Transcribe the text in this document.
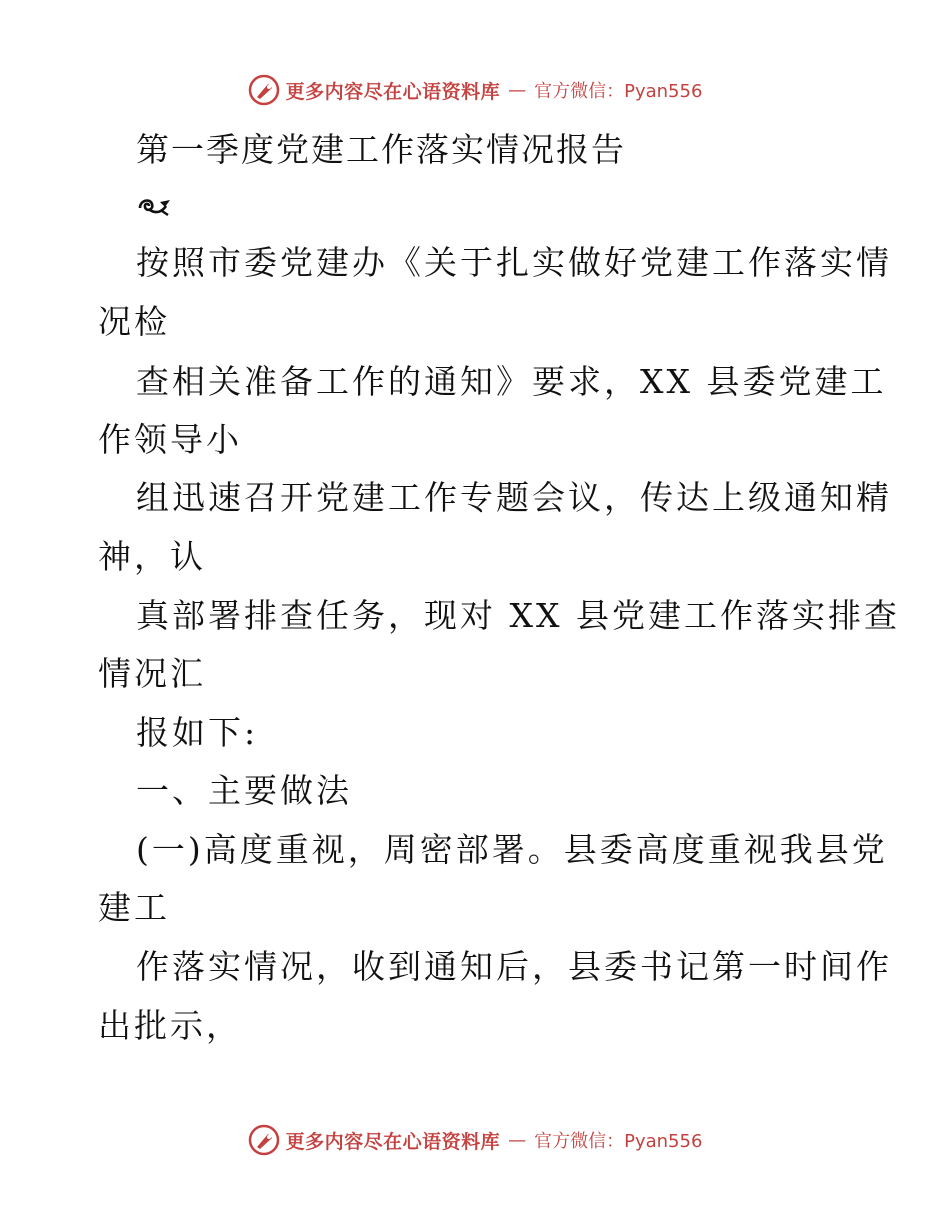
更多内容尽在心语资料库 — 官方微信：Pyan556
第一季度党建工作落实情况报告
按照市委党建办《关于扎实做好党建工作落实情
况检
查相关准备工作的通知》要求，XX 县委党建工
作领导小
组迅速召开党建工作专题会议，传达上级通知精
神，认
真部署排查任务，现对 XX 县党建工作落实排查
情况汇
报如下:
一、主要做法
(一)高度重视，周密部署。县委高度重视我县党
建工
作落实情况，收到通知后，县委书记第一时间作
出批示，
更多内容尽在心语资料库 — 官方微信：Pyan556
